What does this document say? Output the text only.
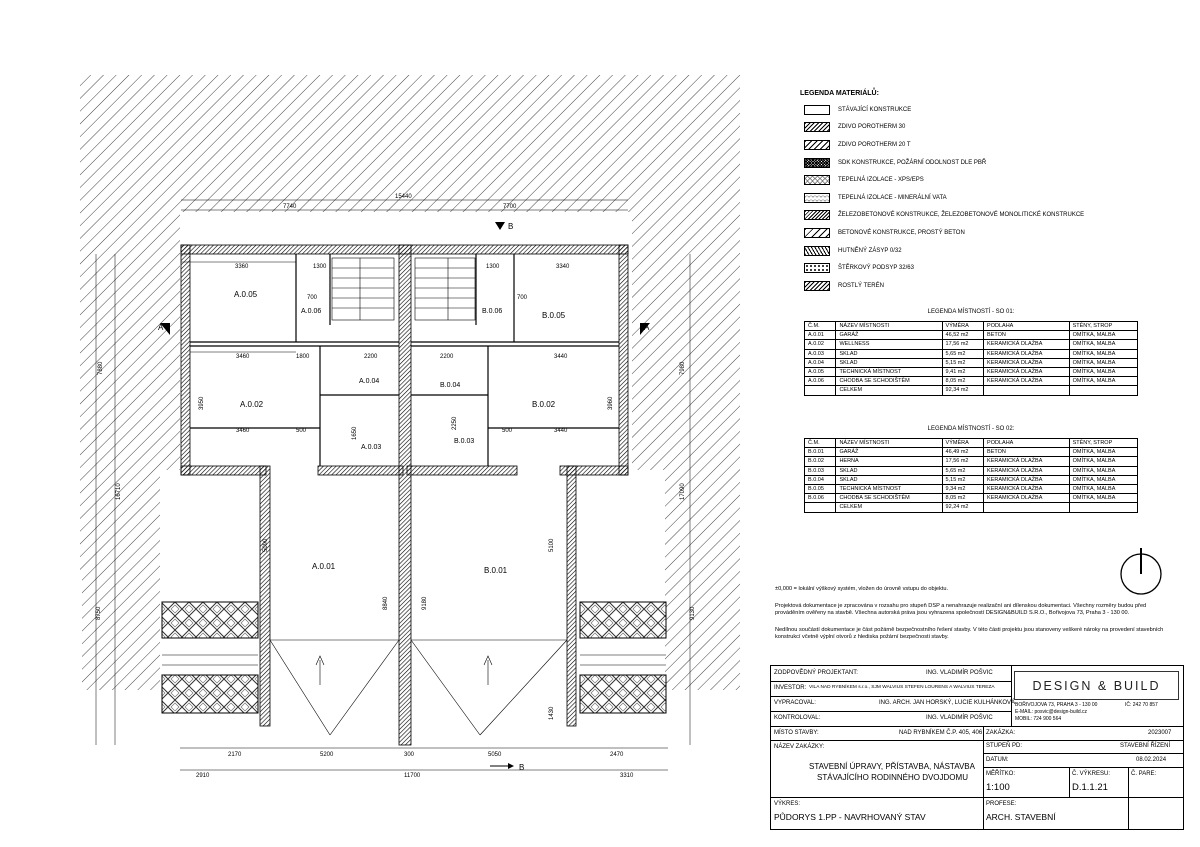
A.0.05
A.0.06
A.0.04
A.0.02
A.0.03
A.0.01
B.0.06	B.0.05
B.0.04
B.0.02
B.0.03
B.0.01
7740	7700
15440
3360	1300	1300	3340
3460	3440
1800	2200	2200
3460	3440
500	500
700	700
2170	5200	300	5050	2470
2910	11700	3310
16710
8750
7880
17090
9130
7980
3950	3960
5090	5100
8840	9180
1650
2250
1430
A	A
B
B
LEGENDA MATERIÁLŮ:
STÁVAJÍCÍ KONSTRUKCE
ZDIVO POROTHERM 30
ZDIVO POROTHERM 20 T
SDK KONSTRUKCE, POŽÁRNÍ ODOLNOST DLE PBŘ
TEPELNÁ IZOLACE - XPS/EPS
TEPELNÁ IZOLACE - MINERÁLNÍ VATA
ŽELEZOBETONOVÉ KONSTRUKCE, ŽELEZOBETONOVÉ MONOLITICKÉ KONSTRUKCE
BETONOVÉ KONSTRUKCE, PROSTÝ BETON
HUTNĚNÝ ZÁSYP 0/32
ŠTĚRKOVÝ PODSYP 32/63
ROSTLÝ TERÉN
LEGENDA MÍSTNOSTÍ - SO 01:
Č.M.	NÁZEV MÍSTNOSTI	VÝMĚRA	PODLAHA	STĚNY, STROP
A.0.01	GARÁŽ	46,52 m2	BETON	OMÍTKA, MALBA
A.0.02	WELLNESS	17,56 m2	KERAMICKÁ DLAŽBA	OMÍTKA, MALBA
A.0.03	SKLAD	5,65 m2	KERAMICKÁ DLAŽBA	OMÍTKA, MALBA
A.0.04	SKLAD	5,15 m2	KERAMICKÁ DLAŽBA	OMÍTKA, MALBA
A.0.05	TECHNICKÁ MÍSTNOST	9,41 m2	KERAMICKÁ DLAŽBA	OMÍTKA, MALBA
A.0.06	CHODBA SE SCHODIŠTĚM	8,05 m2	KERAMICKÁ DLAŽBA	OMÍTKA, MALBA
	CELKEM	92,34 m2		
LEGENDA MÍSTNOSTÍ - SO 02:
Č.M.	NÁZEV MÍSTNOSTI	VÝMĚRA	PODLAHA	STĚNY, STROP
B.0.01	GARÁŽ	46,49 m2	BETON	OMÍTKA, MALBA
B.0.02	HERNA	17,56 m2	KERAMICKÁ DLAŽBA	OMÍTKA, MALBA
B.0.03	SKLAD	5,65 m2	KERAMICKÁ DLAŽBA	OMÍTKA, MALBA
B.0.04	SKLAD	5,15 m2	KERAMICKÁ DLAŽBA	OMÍTKA, MALBA
B.0.05	TECHNICKÁ MÍSTNOST	9,34 m2	KERAMICKÁ DLAŽBA	OMÍTKA, MALBA
B.0.06	CHODBA SE SCHODIŠTĚM	8,05 m2	KERAMICKÁ DLAŽBA	OMÍTKA, MALBA
	CELKEM	92,24 m2		

±0,000 = lokální výškový systém, vložen do úrovně vstupu do objektu.

Projektová dokumentace je zpracována v rozsahu pro stupeň DSP a nenahrazuje realizační ani dílenskou dokumentaci. Všechny rozměry budou před prováděním ověřeny na stavbě. Všechna autorská práva jsou vyhrazena společností DESIGN&BUILD S.R.O., Bořivojova 73, Praha 3 - 130 00.

Nedílnou součástí dokumentace je část požárně bezpečnostního řešení stavby. V této části projektu jsou stanoveny veškeré nároky na provedení stavebních konstrukcí včetně výplní otvorů z hlediska požární bezpečnosti stavby.

ZODPOVĚDNÝ PROJEKTANT:	ING. VLADIMÍR POŠVIC
INVESTOR: VILA NAD RYBNÍKEM s.r.o., SJM WALVIUS STEFEN LOURENS A WALVIUS TEREZA
VYPRACOVAL:	ING. ARCH. JAN HORSKÝ, LUCIE KULHÁNKOVÁ
KONTROLOVAL:	ING. VLADIMÍR POŠVIC
DESIGN & BUILD
BOŘIVOJOVA 73, PRAHA 3 - 130 00	IČ: 242 70 857
E-MAIL: posvic@design-build.cz
MOBIL: 724 900 564
MÍSTO STAVBY:	NAD RYBNÍKEM Č.P. 405, 406 ZAKÁZKA:	2023007
NÁZEV ZAKÁZKY:
STAVEBNÍ ÚPRAVY, PŘÍSTAVBA, NÁSTAVBA
STÁVAJÍCÍHO RODINNÉHO DVOJDOMU
STUPEŇ PD:	STAVEBNÍ ŘÍZENÍ
DATUM:	08.02.2024
MĚŘÍTKO:
1:100
Č. VÝKRESU:
D.1.1.21
Č. PARE:
VÝKRES:
PŮDORYS 1.PP - NAVRHOVANÝ STAV
PROFESE:
ARCH. STAVEBNÍ
